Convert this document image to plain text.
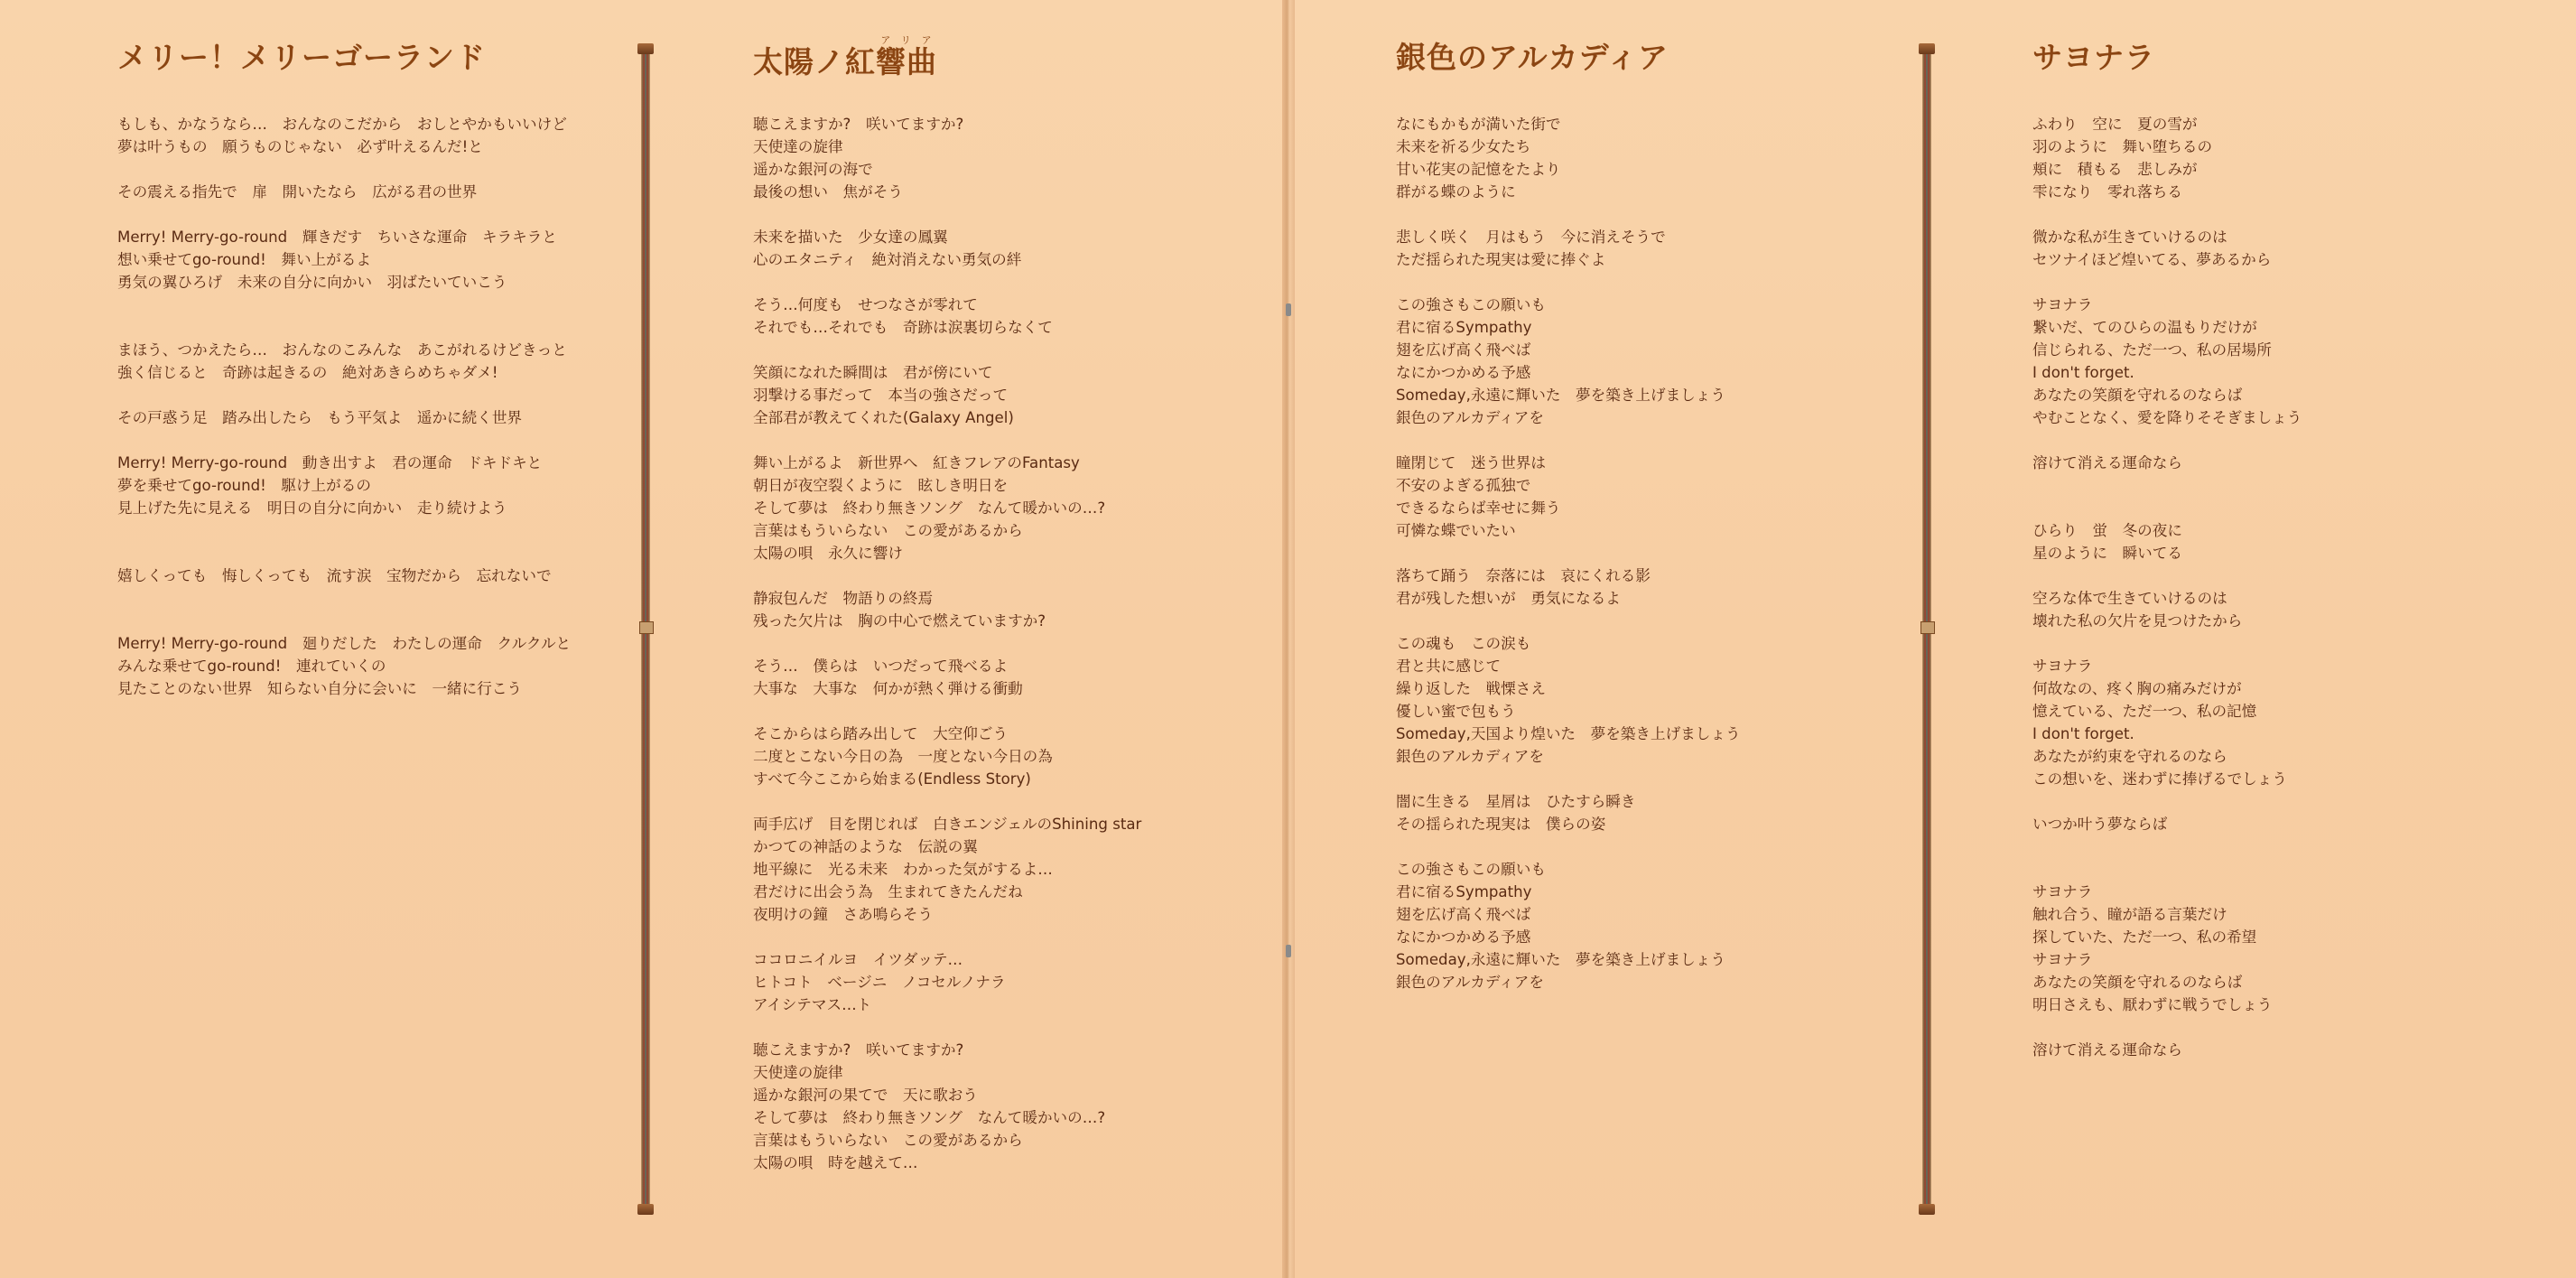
メリー！メリーゴーランド
もしも、かなうなら…　おんなのこだから　おしとやかもいいけど
夢は叶うもの　願うものじゃない　必ず叶えるんだ!と
その震える指先で　扉　開いたなら　広がる君の世界
Merry! Merry-go-round　輝きだす　ちいさな運命　キラキラと
想い乗せてgo-round!　舞い上がるよ
勇気の翼ひろげ　未来の自分に向かい　羽ばたいていこう
まほう、つかえたら…　おんなのこみんな　あこがれるけどきっと
強く信じると　奇跡は起きるの　絶対あきらめちゃダメ!
その戸惑う足　踏み出したら　もう平気よ　遥かに続く世界
Merry! Merry-go-round　動き出すよ　君の運命　ドキドキと
夢を乗せてgo-round!　駆け上がるの
見上げた先に見える　明日の自分に向かい　走り続けよう
嬉しくっても　悔しくっても　流す涙　宝物だから　忘れないで
Merry! Merry-go-round　廻りだした　わたしの運命　クルクルと
みんな乗せてgo-round!　連れていくの
見たことのない世界　知らない自分に会いに　一緒に行こう
太陽ノ紅響曲アリア
聴こえますか?　咲いてますか?
天使達の旋律
遥かな銀河の海で
最後の想い　焦がそう
未来を描いた　少女達の鳳翼
心のエタニティ　絶対消えない勇気の絆
そう…何度も　せつなさが零れて
それでも…それでも　奇跡は涙裏切らなくて
笑顔になれた瞬間は　君が傍にいて
羽撃ける事だって　本当の強さだって
全部君が教えてくれた(Galaxy Angel)
舞い上がるよ　新世界へ　紅きフレアのFantasy
朝日が夜空裂くように　眩しき明日を
そして夢は　終わり無きソング　なんて暖かいの…?
言葉はもういらない　この愛があるから
太陽の唄　永久に響け
静寂包んだ　物語りの終焉
残った欠片は　胸の中心で燃えていますか?
そう…　僕らは　いつだって飛べるよ
大事な　大事な　何かが熱く弾ける衝動
そこからはら踏み出して　大空仰ごう
二度とこない今日の為　一度とない今日の為
すべて今ここから始まる(Endless Story)
両手広げ　目を閉じれば　白きエンジェルのShining star
かつての神話のような　伝説の翼
地平線に　光る未来　わかった気がするよ…
君だけに出会う為　生まれてきたんだね
夜明けの鐘　さあ鳴らそう
ココロニイルヨ　イツダッテ…
ヒトコト　ベージニ　ノコセルノナラ
アイシテマス…ト
聴こえますか?　咲いてますか?
天使達の旋律
遥かな銀河の果てで　天に歌おう
そして夢は　終わり無きソング　なんて暖かいの…?
言葉はもういらない　この愛があるから
太陽の唄　時を越えて…
銀色のアルカディア
なにもかもが満いた街で
未来を祈る少女たち
甘い花実の記憶をたより
群がる蝶のように
悲しく咲く　月はもう　今に消えそうで
ただ揺られた現実は愛に捧ぐよ
この強さもこの願いも
君に宿るSympathy
翅を広げ高く飛べば
なにかつかめる予感
Someday,永遠に輝いた　夢を築き上げましょう
銀色のアルカディアを
瞳閉じて　迷う世界は
不安のよぎる孤独で
できるならば幸せに舞う
可憐な蝶でいたい
落ちて踊う　奈落には　哀にくれる影
君が残した想いが　勇気になるよ
この魂も　この涙も
君と共に感じて
繰り返した　戦慄さえ
優しい蜜で包もう
Someday,天国より煌いた　夢を築き上げましょう
銀色のアルカディアを
闇に生きる　星屑は　ひたすら瞬き
その揺られた現実は　僕らの姿
この強さもこの願いも
君に宿るSympathy
翅を広げ高く飛べば
なにかつかめる予感
Someday,永遠に輝いた　夢を築き上げましょう
銀色のアルカディアを
サヨナラ
ふわり　空に　夏の雪が
羽のように　舞い堕ちるの
頬に　積もる　悲しみが
雫になり　零れ落ちる
微かな私が生きていけるのは
セツナイほど煌いてる、夢あるから
サヨナラ
繋いだ、てのひらの温もりだけが
信じられる、ただ一つ、私の居場所
I don't forget.
あなたの笑顔を守れるのならば
やむことなく、愛を降りそそぎましょう
溶けて消える運命なら
ひらり　蛍　冬の夜に
星のように　瞬いてる
空ろな体で生きていけるのは
壊れた私の欠片を見つけたから
サヨナラ
何故なの、疼く胸の痛みだけが
憶えている、ただ一つ、私の記憶
I don't forget.
あなたが約束を守れるのなら
この想いを、迷わずに捧げるでしょう
いつか叶う夢ならば
サヨナラ
触れ合う、瞳が語る言葉だけ
探していた、ただ一つ、私の希望
サヨナラ
あなたの笑顔を守れるのならば
明日さえも、厭わずに戦うでしょう
溶けて消える運命なら
